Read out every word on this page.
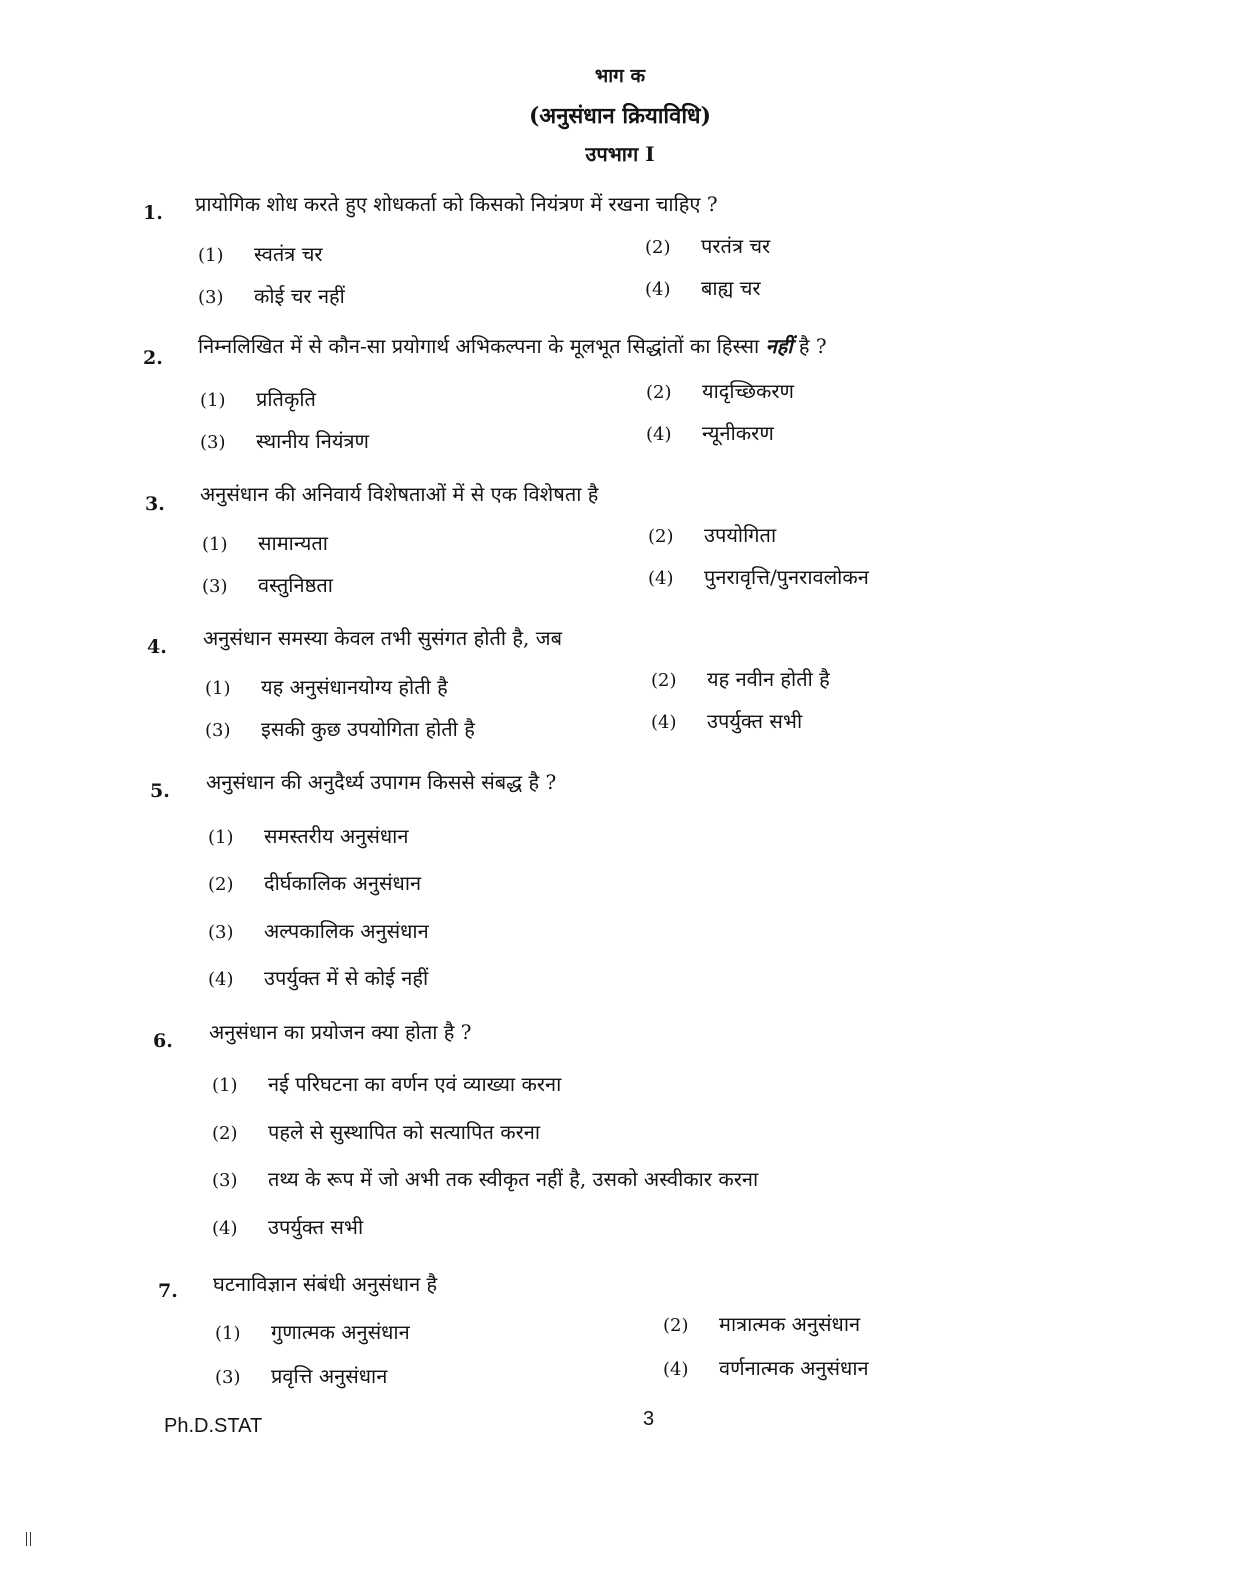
भाग क
(अनुसंधान क्रियाविधि)
उपभाग I
1. प्रायोगिक शोध करते हुए शोधकर्ता को किसको नियंत्रण में रखना चाहिए ?
(1) स्वतंत्र चर	(2) परतंत्र चर
(3) कोई चर नहीं	(4) बाह्य चर
2. निम्नलिखित में से कौन-सा प्रयोगार्थ अभिकल्पना के मूलभूत सिद्धांतों का हिस्सा नहीं है ?
(1) प्रतिकृति	(2) यादृच्छिकरण
(3) स्थानीय नियंत्रण	(4) न्यूनीकरण
3. अनुसंधान की अनिवार्य विशेषताओं में से एक विशेषता है
(1) सामान्यता	(2) उपयोगिता
(3) वस्तुनिष्ठता	(4) पुनरावृत्ति/पुनरावलोकन
4. अनुसंधान समस्या केवल तभी सुसंगत होती है, जब
(1) यह अनुसंधानयोग्य होती है	(2) यह नवीन होती है
(3) इसकी कुछ उपयोगिता होती है	(4) उपर्युक्त सभी
5. अनुसंधान की अनुदैर्ध्य उपागम किससे संबद्ध है ?
(1) समस्तरीय अनुसंधान
(2) दीर्घकालिक अनुसंधान
(3) अल्पकालिक अनुसंधान
(4) उपर्युक्त में से कोई नहीं
6. अनुसंधान का प्रयोजन क्या होता है ?
(1) नई परिघटना का वर्णन एवं व्याख्या करना
(2) पहले से सुस्थापित को सत्यापित करना
(3) तथ्य के रूप में जो अभी तक स्वीकृत नहीं है, उसको अस्वीकार करना
(4) उपर्युक्त सभी
7. घटनाविज्ञान संबंधी अनुसंधान है
(1) गुणात्मक अनुसंधान	(2) मात्रात्मक अनुसंधान
(3) प्रवृत्ति अनुसंधान	(4) वर्णनात्मक अनुसंधान
Ph.D.STAT	3
